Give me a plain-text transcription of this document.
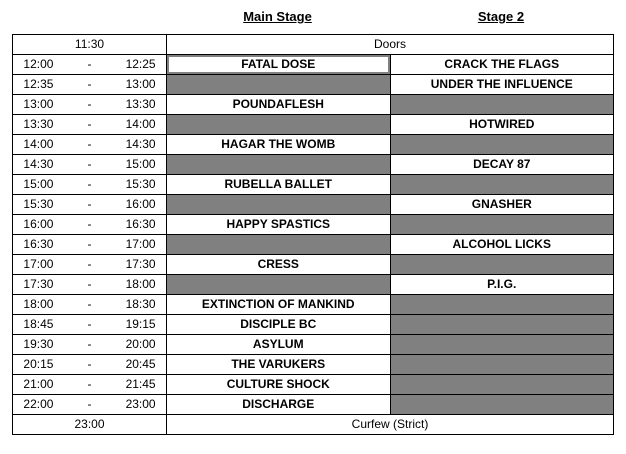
Main Stage	Stage 2
11:30			Doors	
12:00	-	12:25	FATAL DOSE	CRACK THE FLAGS
12:35	-	13:00		UNDER THE INFLUENCE
13:00	-	13:30	POUNDAFLESH	
13:30	-	14:00		HOTWIRED
14:00	-	14:30	HAGAR THE WOMB	
14:30	-	15:00		DECAY 87
15:00	-	15:30	RUBELLA BALLET	
15:30	-	16:00		GNASHER
16:00	-	16:30	HAPPY SPASTICS	
16:30	-	17:00		ALCOHOL LICKS
17:00	-	17:30	CRESS	
17:30	-	18:00		P.I.G.
18:00	-	18:30	EXTINCTION OF MANKIND	
18:45	-	19:15	DISCIPLE BC	
19:30	-	20:00	ASYLUM	
20:15	-	20:45	THE VARUKERS	
21:00	-	21:45	CULTURE SHOCK	
22:00	-	23:00	DISCHARGE	
23:00			Curfew (Strict)	
